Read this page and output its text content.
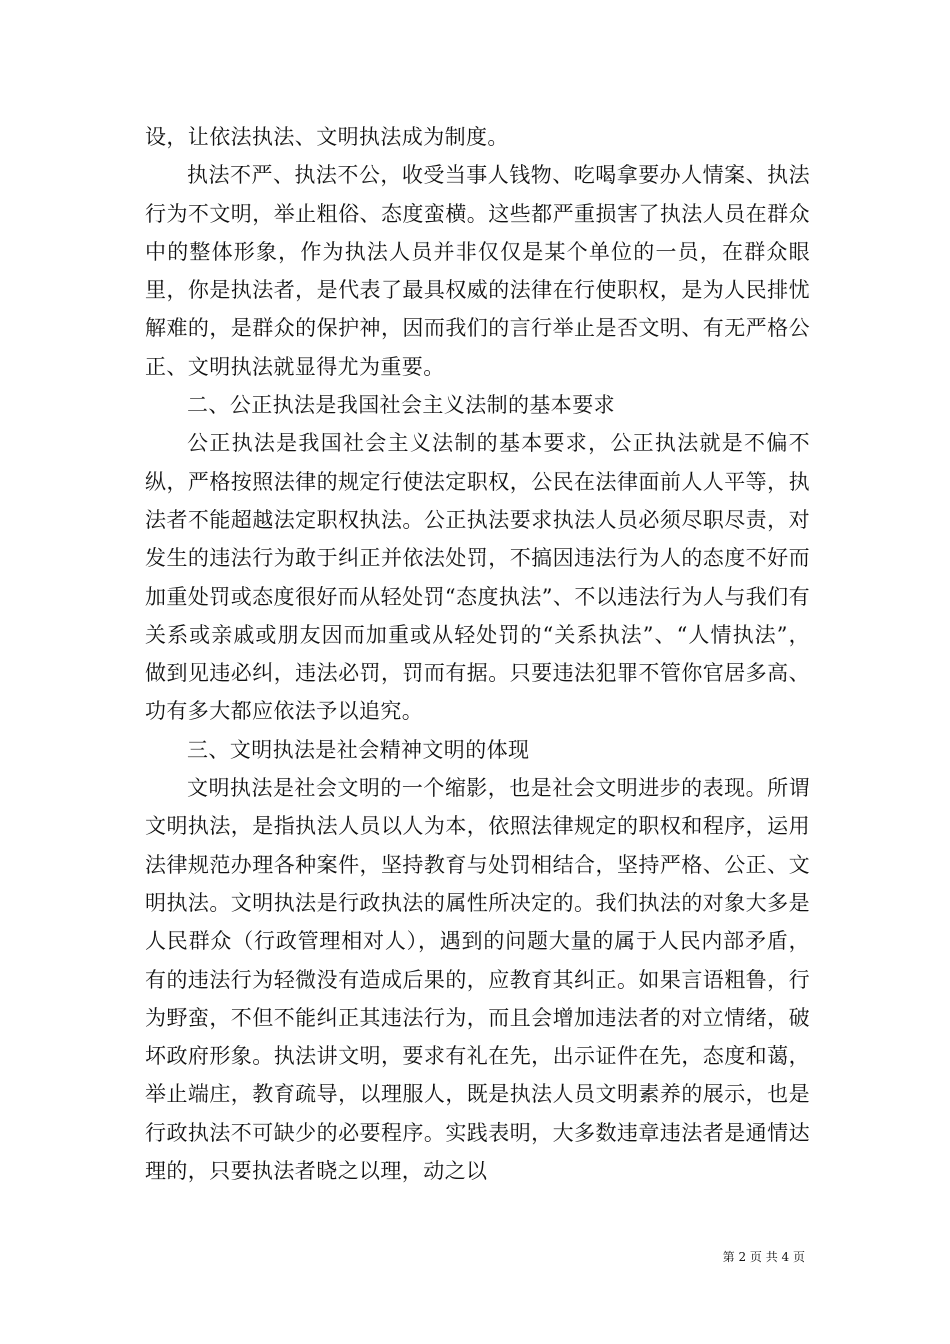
设，让依法执法、文明执法成为制度。

执法不严、执法不公，收受当事人钱物、吃喝拿要办人情案、执法行为不文明，举止粗俗、态度蛮横。这些都严重损害了执法人员在群众中的整体形象，作为执法人员并非仅仅是某个单位的一员，在群众眼里，你是执法者，是代表了最具权威的法律在行使职权，是为人民排忧解难的，是群众的保护神，因而我们的言行举止是否文明、有无严格公正、文明执法就显得尤为重要。

二、公正执法是我国社会主义法制的基本要求

公正执法是我国社会主义法制的基本要求，公正执法就是不偏不纵，严格按照法律的规定行使法定职权，公民在法律面前人人平等，执法者不能超越法定职权执法。公正执法要求执法人员必须尽职尽责，对发生的违法行为敢于纠正并依法处罚，不搞因违法行为人的态度不好而加重处罚或态度很好而从轻处罚“态度执法”、不以违法行为人与我们有关系或亲戚或朋友因而加重或从轻处罚的“关系执法”、“人情执法”，做到见违必纠，违法必罚，罚而有据。只要违法犯罪不管你官居多高、功有多大都应依法予以追究。

三、文明执法是社会精神文明的体现

文明执法是社会文明的一个缩影，也是社会文明进步的表现。所谓文明执法，是指执法人员以人为本，依照法律规定的职权和程序，运用法律规范办理各种案件，坚持教育与处罚相结合，坚持严格、公正、文明执法。文明执法是行政执法的属性所决定的。我们执法的对象大多是人民群众（行政管理相对人），遇到的问题大量的属于人民内部矛盾，有的违法行为轻微没有造成后果的，应教育其纠正。如果言语粗鲁，行为野蛮，不但不能纠正其违法行为，而且会增加违法者的对立情绪，破坏政府形象。执法讲文明，要求有礼在先，出示证件在先，态度和蔼，举止端庄，教育疏导，以理服人，既是执法人员文明素养的展示，也是行政执法不可缺少的必要程序。实践表明，大多数违章违法者是通情达理的，只要执法者晓之以理，动之以

第 2 页 共 4 页
